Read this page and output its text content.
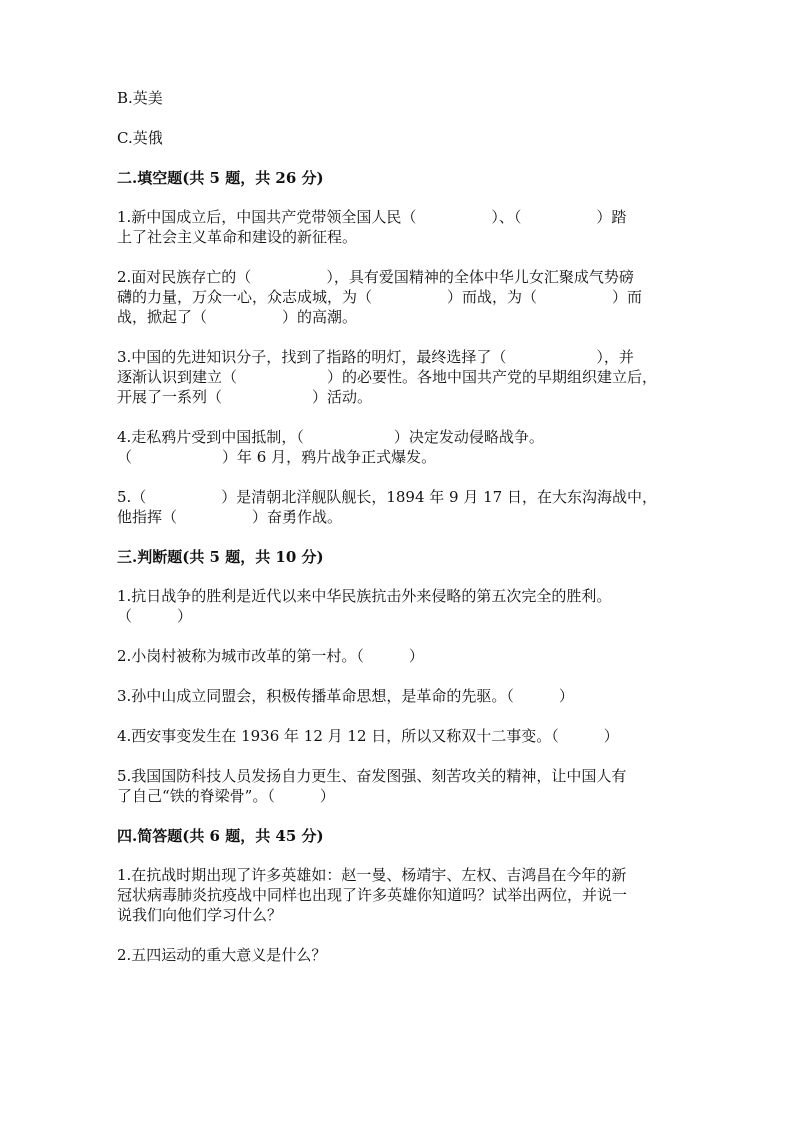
B.英美
C.英俄
二.填空题(共 5 题，共 26 分)
1.新中国成立后，中国共产党带领全国人民（　　　　　）、（　　　　　）踏
上了社会主义革命和建设的新征程。
2.面对民族存亡的（　　　　　），具有爱国精神的全体中华儿女汇聚成气势磅
礴的力量，万众一心，众志成城，为（　　　　　）而战，为（　　　　　）而
战，掀起了（　　　　　）的高潮。
3.中国的先进知识分子，找到了指路的明灯，最终选择了（　　　　　　），并
逐渐认识到建立（　　　　　　）的必要性。各地中国共产党的早期组织建立后，
开展了一系列（　　　　　　）活动。
4.走私鸦片受到中国抵制，（　　　　　　）决定发动侵略战争。
（　　　　　　）年 6 月，鸦片战争正式爆发。
5.（　　　　　）是清朝北洋舰队舰长，1894 年 9 月 17 日，在大东沟海战中，
他指挥（　　　　　）奋勇作战。
三.判断题(共 5 题，共 10 分)
1.抗日战争的胜利是近代以来中华民族抗击外来侵略的第五次完全的胜利。
（　　　）
2.小岗村被称为城市改革的第一村。（　　　）
3.孙中山成立同盟会，积极传播革命思想，是革命的先驱。（　　　）
4.西安事变发生在 1936 年 12 月 12 日，所以又称双十二事变。（　　　）
5.我国国防科技人员发扬自力更生、奋发图强、刻苦攻关的精神，让中国人有
了自己“铁的脊梁骨”。（　　　）
四.简答题(共 6 题，共 45 分)
1.在抗战时期出现了许多英雄如：赵一曼、杨靖宇、左权、吉鸿昌在今年的新
冠状病毒肺炎抗疫战中同样也出现了许多英雄你知道吗？试举出两位，并说一
说我们向他们学习什么？
2.五四运动的重大意义是什么？
